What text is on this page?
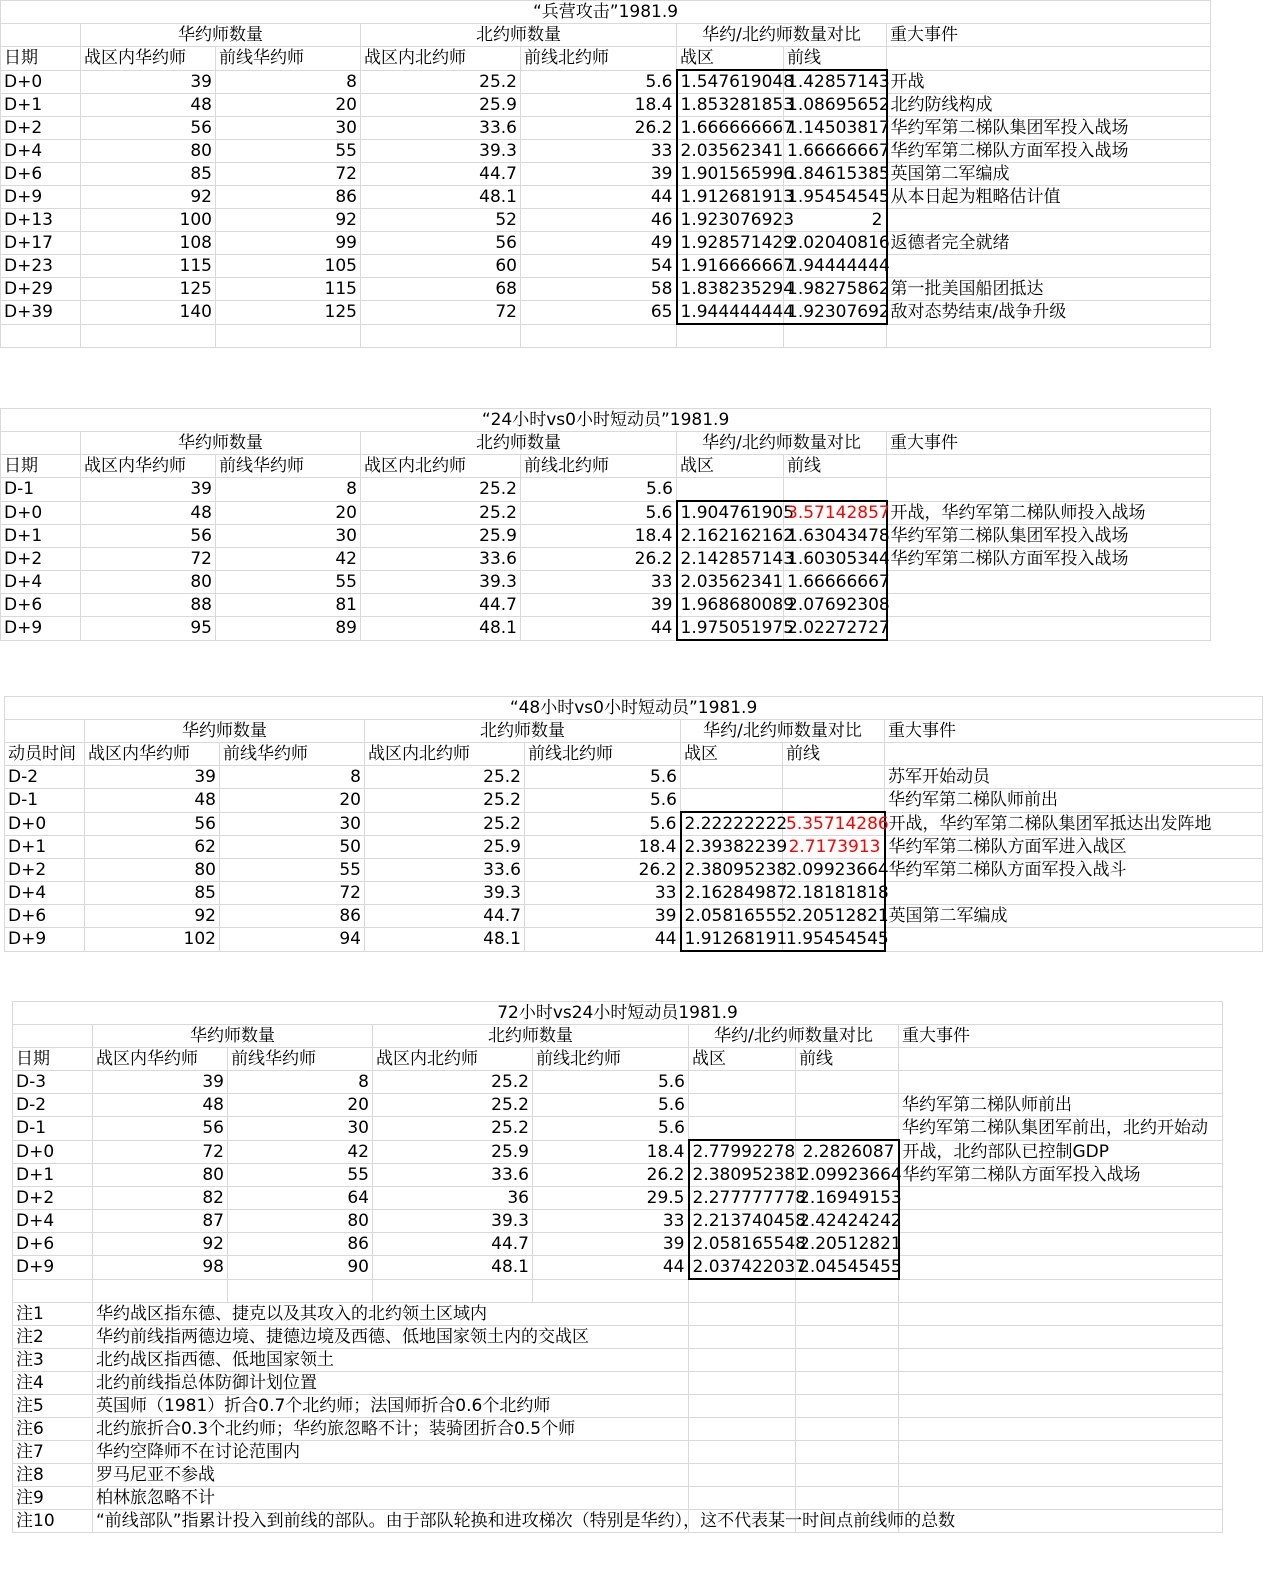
“兵营攻击”1981.9							
	华约师数量		北约师数量		华约/北约师数量对比		重大事件
日期	战区内华约师	前线华约师	战区内北约师	前线北约师	战区	前线	
D+0	39	8	25.2	5.6	1.547619048	1.42857143	开战
D+1	48	20	25.9	18.4	1.853281853	1.08695652	北约防线构成
D+2	56	30	33.6	26.2	1.666666667	1.14503817	华约军第二梯队集团军投入战场
D+4	80	55	39.3	33	2.03562341	1.66666667	华约军第二梯队方面军投入战场
D+6	85	72	44.7	39	1.901565996	1.84615385	英国第二军编成
D+9	92	86	48.1	44	1.912681913	1.95454545	从本日起为粗略估计值
D+13	100	92	52	46	1.923076923	2	
D+17	108	99	56	49	1.928571429	2.02040816	返德者完全就绪
D+23	115	105	60	54	1.916666667	1.94444444	
D+29	125	115	68	58	1.838235294	1.98275862	第一批美国船团抵达
D+39	140	125	72	65	1.944444444	1.92307692	敌对态势结束/战争升级

“24小时vs0小时短动员”1981.9							
	华约师数量		北约师数量		华约/北约师数量对比		重大事件
日期	战区内华约师	前线华约师	战区内北约师	前线北约师	战区	前线	
D-1	39	8	25.2	5.6			
D+0	48	20	25.2	5.6	1.904761905	3.57142857	开战，华约军第二梯队师投入战场
D+1	56	30	25.9	18.4	2.162162162	1.63043478	华约军第二梯队集团军投入战场
D+2	72	42	33.6	26.2	2.142857143	1.60305344	华约军第二梯队方面军投入战场
D+4	80	55	39.3	33	2.03562341	1.66666667	
D+6	88	81	44.7	39	1.968680089	2.07692308	
D+9	95	89	48.1	44	1.975051975	2.02272727	
“48小时vs0小时短动员”1981.9							
	华约师数量		北约师数量		华约/北约师数量对比		重大事件
动员时间	战区内华约师	前线华约师	战区内北约师	前线北约师	战区	前线	
D-2	39	8	25.2	5.6			苏军开始动员
D-1	48	20	25.2	5.6			华约军第二梯队师前出
D+0	56	30	25.2	5.6	2.22222222	5.35714286	开战，华约军第二梯队集团军抵达出发阵地
D+1	62	50	25.9	18.4	2.39382239	2.7173913	华约军第二梯队方面军进入战区
D+2	80	55	33.6	26.2	2.38095238	2.09923664	华约军第二梯队方面军投入战斗
D+4	85	72	39.3	33	2.16284987	2.18181818	
D+6	92	86	44.7	39	2.05816555	2.20512821	英国第二军编成
D+9	102	94	48.1	44	1.91268191	1.95454545	
72小时vs24小时短动员1981.9							
	华约师数量		北约师数量		华约/北约师数量对比		重大事件
日期	战区内华约师	前线华约师	战区内北约师	前线北约师	战区	前线	
D-3	39	8	25.2	5.6			
D-2	48	20	25.2	5.6			华约军第二梯队师前出
D-1	56	30	25.2	5.6			华约军第二梯队集团军前出，北约开始动
D+0	72	42	25.9	18.4	2.77992278	2.2826087	开战，北约部队已控制GDP
D+1	80	55	33.6	26.2	2.380952381	2.09923664	华约军第二梯队方面军投入战场
D+2	82	64	36	29.5	2.277777778	2.16949153	
D+4	87	80	39.3	33	2.213740458	2.42424242	
D+6	92	86	44.7	39	2.058165548	2.20512821	
D+9	98	90	48.1	44	2.037422037	2.04545455	

注1	华约战区指东德、捷克以及其攻入的北约领土区域内						
注2	华约前线指两德边境、捷德边境及西德、低地国家领土内的交战区						
注3	北约战区指西德、低地国家领土						
注4	北约前线指总体防御计划位置						
注5	英国师（1981）折合0.7个北约师；法国师折合0.6个北约师						
注6	北约旅折合0.3个北约师；华约旅忽略不计；装骑团折合0.5个师						
注7	华约空降师不在讨论范围内						
注8	罗马尼亚不参战						
注9	柏林旅忽略不计						
注10	“前线部队”指累计投入到前线的部队。由于部队轮换和进攻梯次（特别是华约），这不代表某一时间点前线师的总数						
